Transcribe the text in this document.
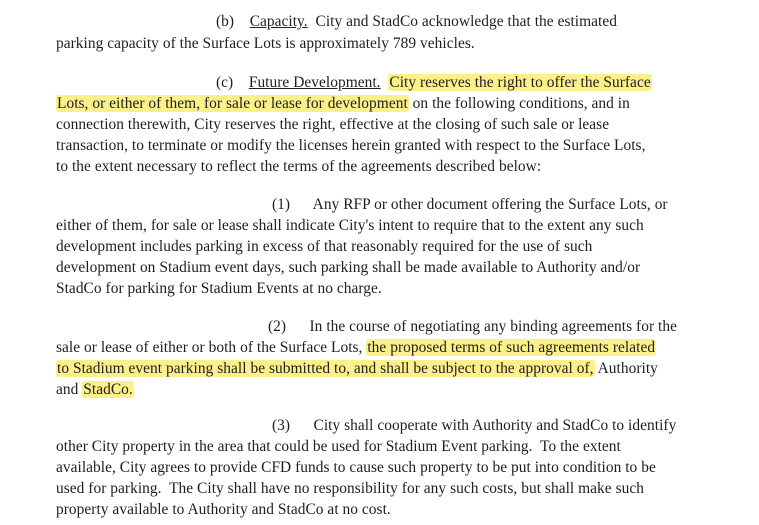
(b) Capacity. City and StadCo acknowledge that the estimated
parking capacity of the Surface Lots is approximately 789 vehicles.
(c) Future Development. City reserves the right to offer the Surface
Lots, or either of them, for sale or lease for development on the following conditions, and in
connection therewith, City reserves the right, effective at the closing of such sale or lease
transaction, to terminate or modify the licenses herein granted with respect to the Surface Lots,
to the extent necessary to reflect the terms of the agreements described below:
(1) Any RFP or other document offering the Surface Lots, or
either of them, for sale or lease shall indicate City's intent to require that to the extent any such
development includes parking in excess of that reasonably required for the use of such
development on Stadium event days, such parking shall be made available to Authority and/or
StadCo for parking for Stadium Events at no charge.
(2) In the course of negotiating any binding agreements for the
sale or lease of either or both of the Surface Lots, the proposed terms of such agreements related
to Stadium event parking shall be submitted to, and shall be subject to the approval of, Authority
and StadCo.
(3) City shall cooperate with Authority and StadCo to identify
other City property in the area that could be used for Stadium Event parking.  To the extent
available, City agrees to provide CFD funds to cause such property to be put into condition to be
used for parking.  The City shall have no responsibility for any such costs, but shall make such
property available to Authority and StadCo at no cost.
